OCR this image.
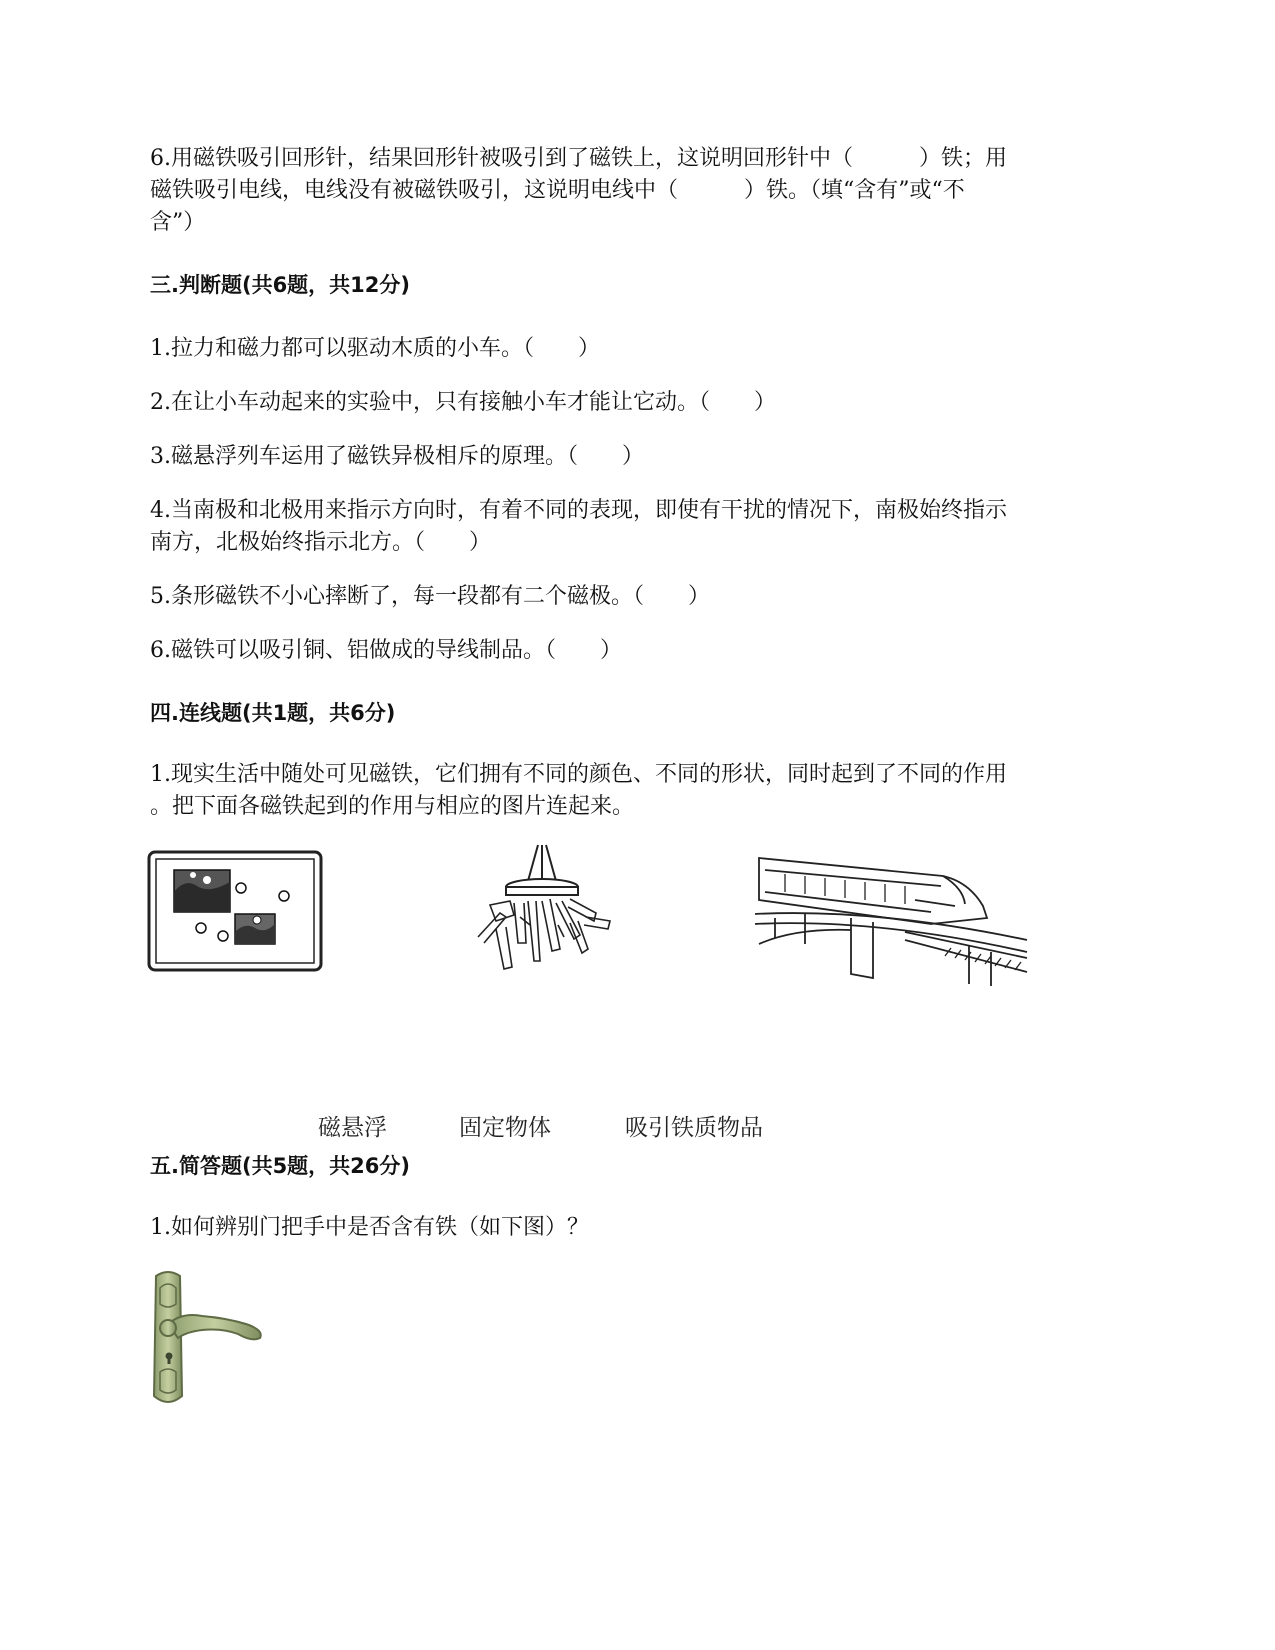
6.用磁铁吸引回形针，结果回形针被吸引到了磁铁上，这说明回形针中（　　　）铁；用
磁铁吸引电线，电线没有被磁铁吸引，这说明电线中（　　　）铁。（填“含有”或“不
含”）

三.判断题(共6题，共12分)

1.拉力和磁力都可以驱动木质的小车。（　　）

2.在让小车动起来的实验中，只有接触小车才能让它动。（　　）

3.磁悬浮列车运用了磁铁异极相斥的原理。（　　）

4.当南极和北极用来指示方向时，有着不同的表现，即使有干扰的情况下，南极始终指示
南方，北极始终指示北方。（　　）

5.条形磁铁不小心摔断了，每一段都有二个磁极。（　　）

6.磁铁可以吸引铜、铝做成的导线制品。（　　）

四.连线题(共1题，共6分)

1.现实生活中随处可见磁铁，它们拥有不同的颜色、不同的形状，同时起到了不同的作用
。把下面各磁铁起到的作用与相应的图片连起来。

磁悬浮	固定物体	吸引铁质物品
五.简答题(共5题，共26分)

1.如何辨别门把手中是否含有铁（如下图）？
